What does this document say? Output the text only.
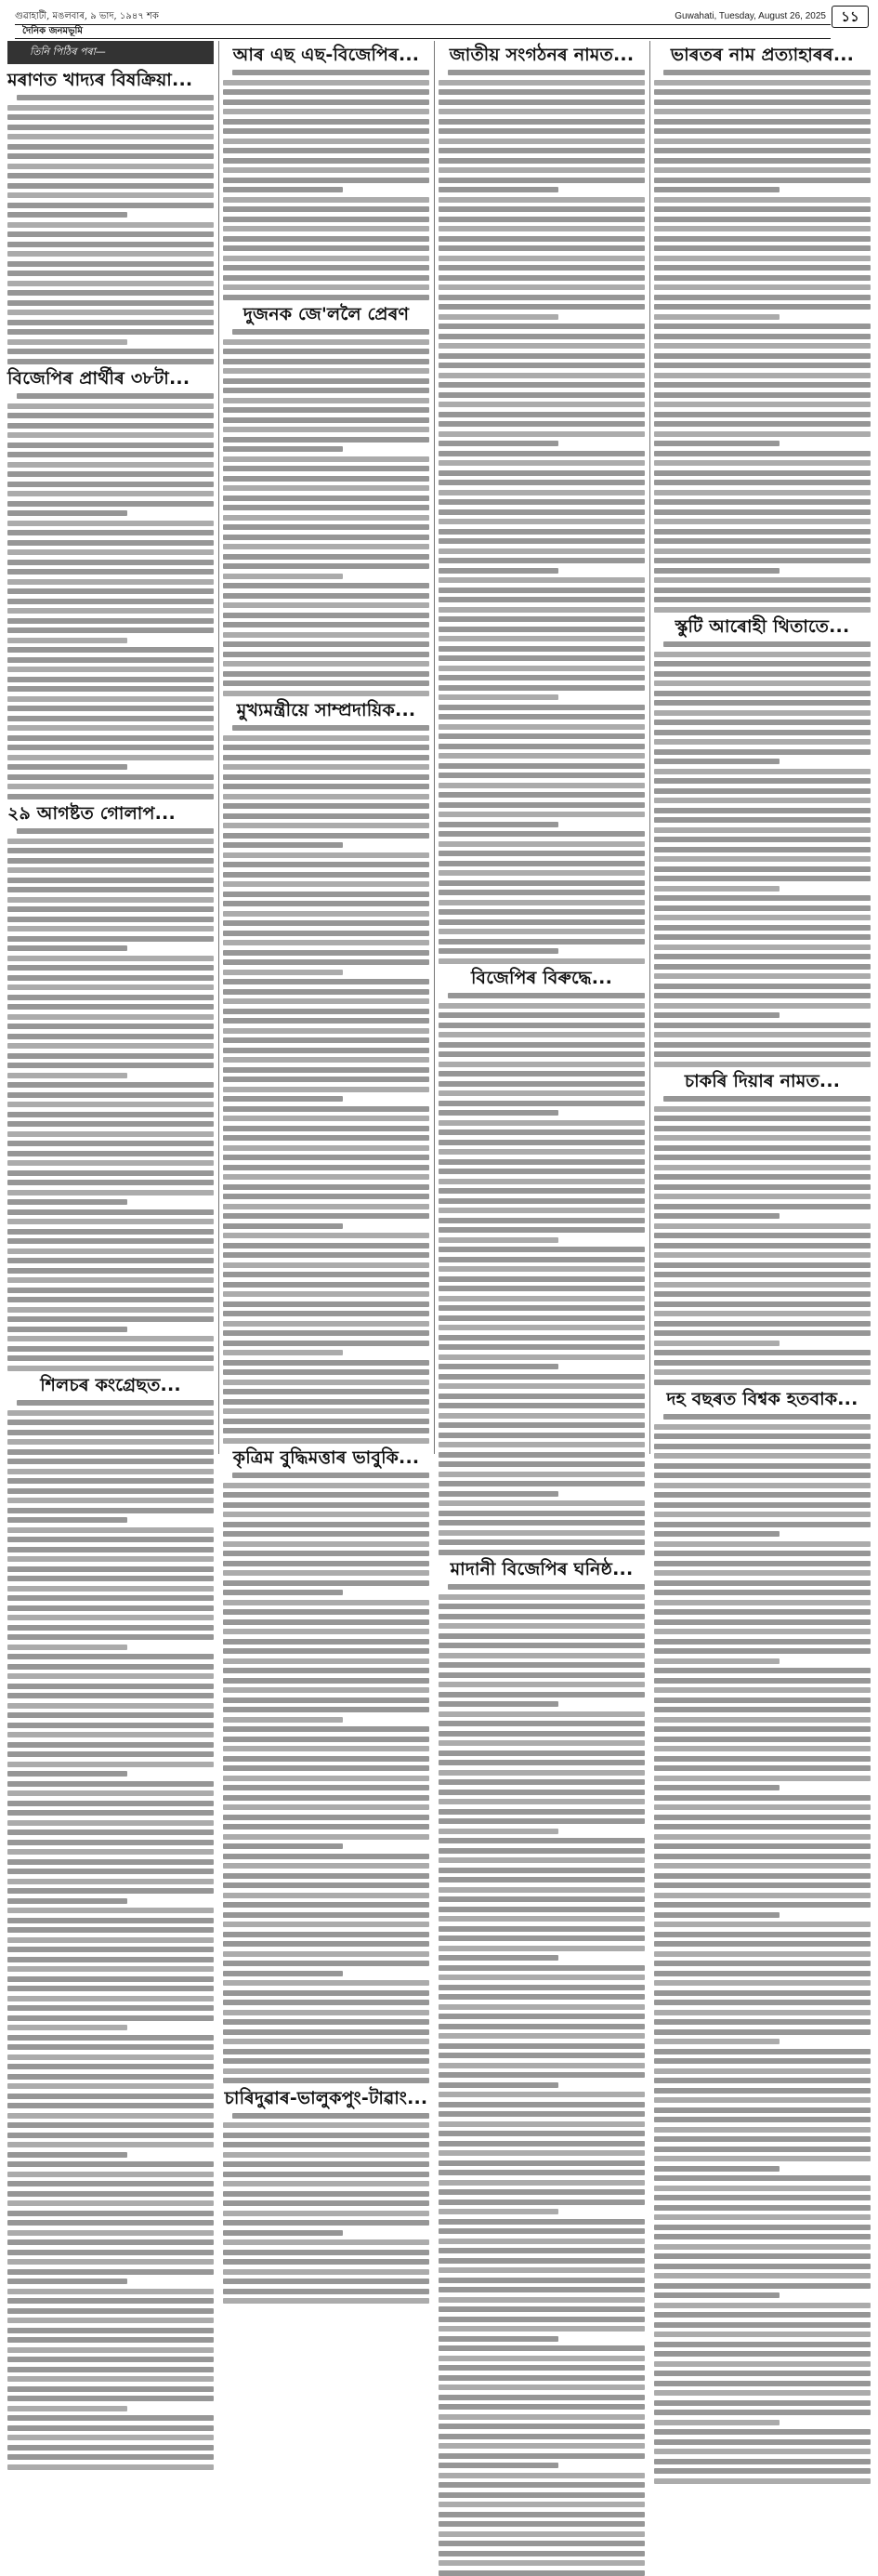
গুৱাহাটী, মঙলবাৰ, ৯ ভাদ, ১৯৪৭ শক	Guwahati, Tuesday, August 26, 2025	১১
দৈনিক জনমভূমি
তিনি পিঠিৰ পৰা—
মৰাণত খাদ্যৰ বিষক্ৰিয়া...
বিজেপিৰ প্ৰাৰ্থীৰ ৩৮টা...
২৯ আগষ্টত গোলাপ...
শিলচৰ কংগ্ৰেছত...
আৰ এছ এছ-বিজেপিৰ...
দুজনক জে'ললৈ প্ৰেৰণ
মুখ্যমন্ত্ৰীয়ে সাম্প্ৰদায়িক...
কৃত্ৰিম বুদ্ধিমত্তাৰ ভাবুকি...
চাৰিদুৱাৰ-ভালুকপুং-টাৱাং...
জাতীয় সংগঠনৰ নামত...
বিজেপিৰ বিৰুদ্ধে...
মাদানী বিজেপিৰ ঘনিষ্ঠ...
ভাৰতৰ নাম প্ৰত্যাহাৰৰ...
স্কুটি আৰোহী থিতাতে...
চাকৰি দিয়াৰ নামত...
দহ বছৰত বিশ্বক হতবাক...
